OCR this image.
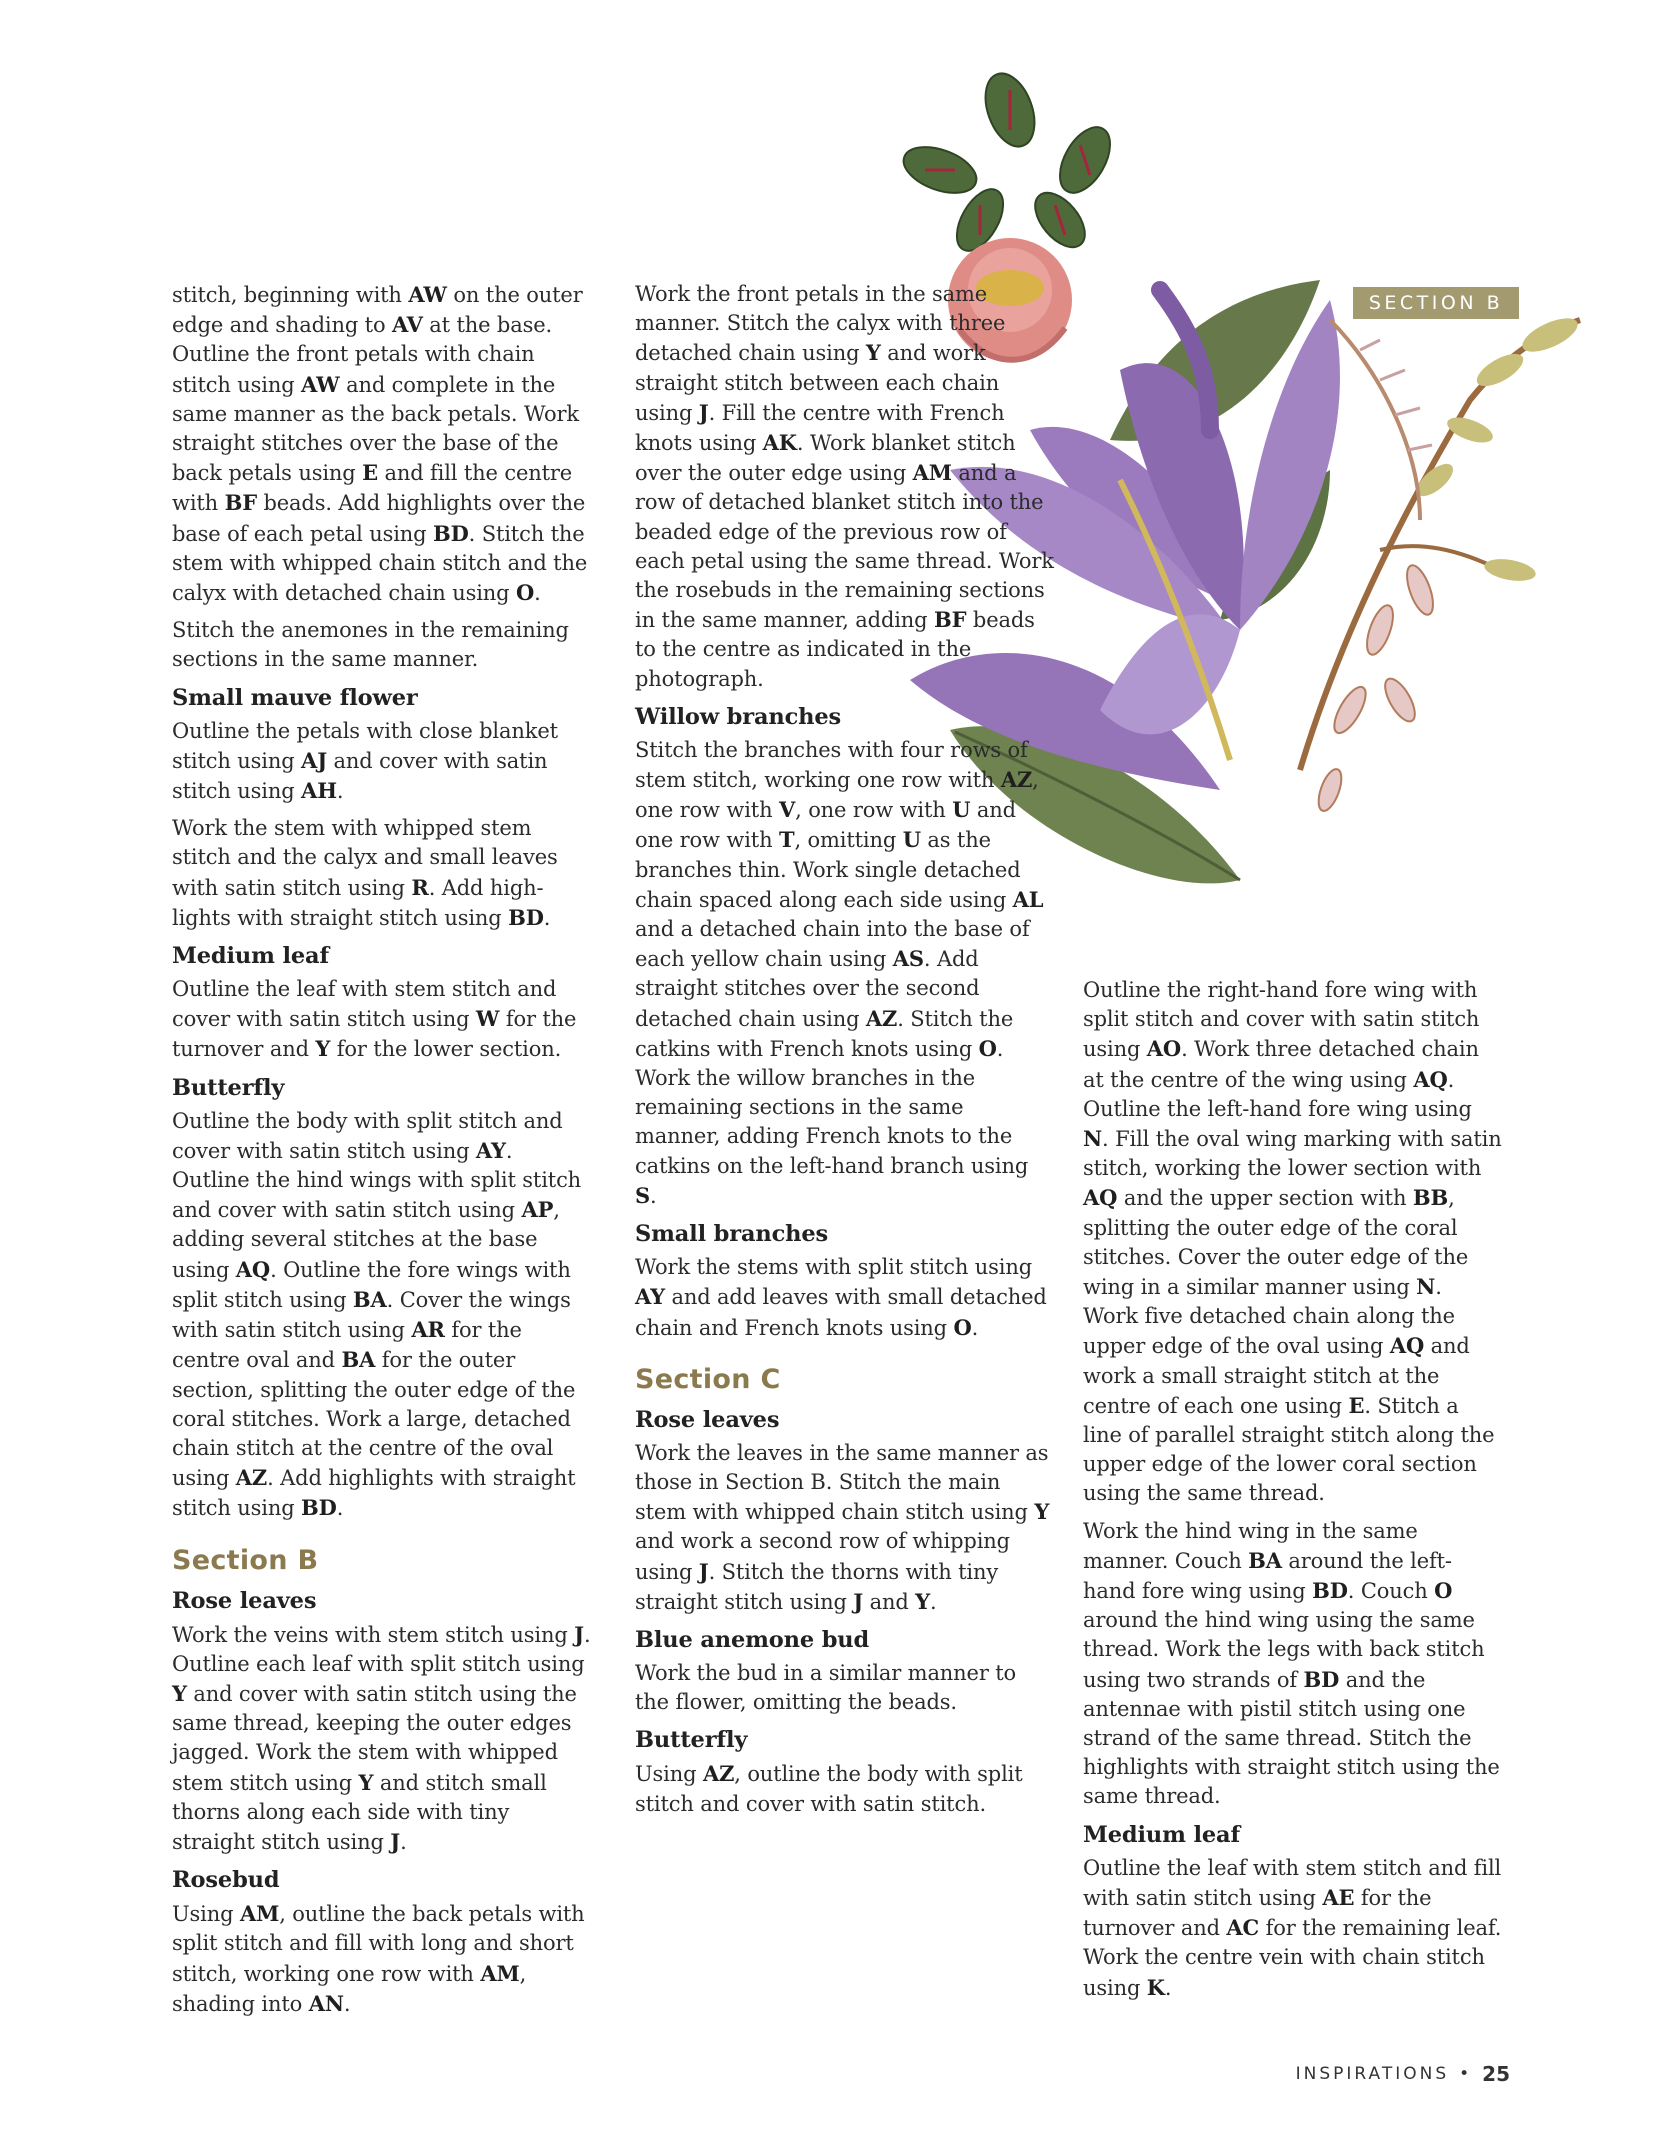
SECTION B

stitch, beginning with AW on the outer edge and shading to AV at the base. Outline the front petals with chain stitch using AW and complete in the same manner as the back petals. Work straight stitches over the base of the back petals using E and fill the centre with BF beads. Add highlights over the base of each petal using BD. Stitch the stem with whipped chain stitch and the calyx with detached chain using O.

Stitch the anemones in the remaining sections in the same manner.

Small mauve flower

Outline the petals with close blanket stitch using AJ and cover with satin stitch using AH.

Work the stem with whipped stem stitch and the calyx and small leaves with satin stitch using R. Add high-lights with straight stitch using BD.

Medium leaf

Outline the leaf with stem stitch and cover with satin stitch using W for the turnover and Y for the lower section.

Butterfly

Outline the body with split stitch and cover with satin stitch using AY. Outline the hind wings with split stitch and cover with satin stitch using AP, adding several stitches at the base using AQ. Outline the fore wings with split stitch using BA. Cover the wings with satin stitch using AR for the centre oval and BA for the outer section, splitting the outer edge of the coral stitches. Work a large, detached chain stitch at the centre of the oval using AZ. Add highlights with straight stitch using BD.

Section B
Rose leaves

Work the veins with stem stitch using J. Outline each leaf with split stitch using Y and cover with satin stitch using the same thread, keeping the outer edges jagged. Work the stem with whipped stem stitch using Y and stitch small thorns along each side with tiny straight stitch using J.

Rosebud

Using AM, outline the back petals with split stitch and fill with long and short stitch, working one row with AM, shading into AN.

Work the front petals in the same manner. Stitch the calyx with three detached chain using Y and work straight stitch between each chain using J. Fill the centre with French knots using AK. Work blanket stitch over the outer edge using AM and a row of detached blanket stitch into the beaded edge of the previous row of each petal using the same thread. Work the rosebuds in the remaining sections in the same manner, adding BF beads to the centre as indicated in the photograph.

Willow branches

Stitch the branches with four rows of stem stitch, working one row with AZ, one row with V, one row with U and one row with T, omitting U as the branches thin. Work single detached chain spaced along each side using AL and a detached chain into the base of each yellow chain using AS. Add straight stitches over the second detached chain using AZ. Stitch the catkins with French knots using O. Work the willow branches in the remaining sections in the same manner, adding French knots to the catkins on the left-hand branch using S.

Small branches

Work the stems with split stitch using AY and add leaves with small detached chain and French knots using O.

Section C
Rose leaves

Work the leaves in the same manner as those in Section B. Stitch the main stem with whipped chain stitch using Y and work a second row of whipping using J. Stitch the thorns with tiny straight stitch using J and Y.

Blue anemone bud

Work the bud in a similar manner to the flower, omitting the beads.

Butterfly

Using AZ, outline the body with split stitch and cover with satin stitch.

Outline the right-hand fore wing with split stitch and cover with satin stitch using AO. Work three detached chain at the centre of the wing using AQ. Outline the left-hand fore wing using N. Fill the oval wing marking with satin stitch, working the lower section with AQ and the upper section with BB, splitting the outer edge of the coral stitches. Cover the outer edge of the wing in a similar manner using N. Work five detached chain along the upper edge of the oval using AQ and work a small straight stitch at the centre of each one using E. Stitch a line of parallel straight stitch along the upper edge of the lower coral section using the same thread.

Work the hind wing in the same manner. Couch BA around the left-hand fore wing using BD. Couch O around the hind wing using the same thread. Work the legs with back stitch using two strands of BD and the antennae with pistil stitch using one strand of the same thread. Stitch the highlights with straight stitch using the same thread.

Medium leaf

Outline the leaf with stem stitch and fill with satin stitch using AE for the turnover and AC for the remaining leaf. Work the centre vein with chain stitch using K.

INSPIRATIONS • 25
